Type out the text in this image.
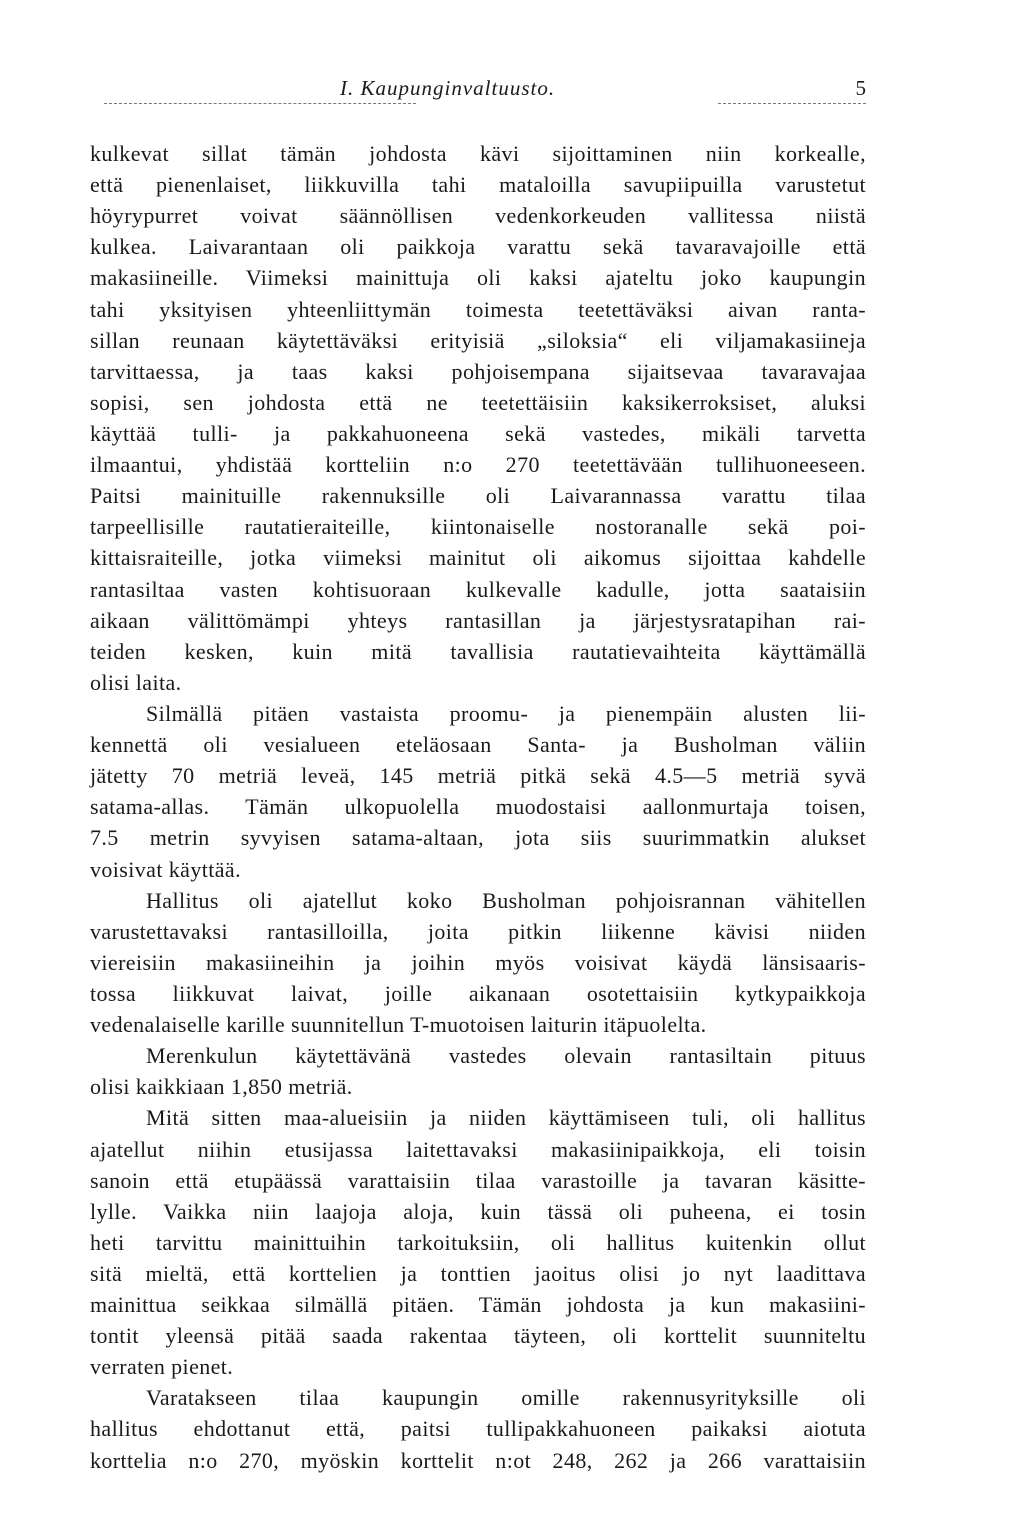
I. Kaupunginvaltuusto.	5
kulkevat sillat tämän johdosta kävi sijoittaminen niin korkealle,
että pienenlaiset, liikkuvilla tahi mataloilla savupiipuilla varustetut
höyrypurret voivat säännöllisen vedenkorkeuden vallitessa niistä
kulkea. Laivarantaan oli paikkoja varattu sekä tavaravajoille että
makasiineille. Viimeksi mainittuja oli kaksi ajateltu joko kaupungin
tahi yksityisen yhteenliittymän toimesta teetettäväksi aivan ranta-
sillan reunaan käytettäväksi erityisiä „siloksia“ eli viljamakasiineja
tarvittaessa, ja taas kaksi pohjoisempana sijaitsevaa tavaravajaa
sopisi, sen johdosta että ne teetettäisiin kaksikerroksiset, aluksi
käyttää tulli- ja pakkahuoneena sekä vastedes, mikäli tarvetta
ilmaantui, yhdistää kortteliin n:o 270 teetettävään tullihuoneeseen.
Paitsi mainituille rakennuksille oli Laivarannassa varattu tilaa
tarpeellisille rautatieraiteille, kiintonaiselle nostoranalle sekä poi-
kittaisraiteille, jotka viimeksi mainitut oli aikomus sijoittaa kahdelle
rantasiltaa vasten kohtisuoraan kulkevalle kadulle, jotta saataisiin
aikaan välittömämpi yhteys rantasillan ja järjestysratapihan rai-
teiden kesken, kuin mitä tavallisia rautatievaihteita käyttämällä
olisi laita.
Silmällä pitäen vastaista proomu- ja pienempäin alusten lii-
kennettä oli vesialueen eteläosaan Santa- ja Busholman väliin
jätetty 70 metriä leveä, 145 metriä pitkä sekä 4.5—5 metriä syvä
satama-allas. Tämän ulkopuolella muodostaisi aallonmurtaja toisen,
7.5 metrin syvyisen satama-altaan, jota siis suurimmatkin alukset
voisivat käyttää.
Hallitus oli ajatellut koko Busholman pohjoisrannan vähitellen
varustettavaksi rantasilloilla, joita pitkin liikenne kävisi niiden
viereisiin makasiineihin ja joihin myös voisivat käydä länsisaaris-
tossa liikkuvat laivat, joille aikanaan osotettaisiin kytkypaikkoja
vedenalaiselle karille suunnitellun T-muotoisen laiturin itäpuolelta.
Merenkulun käytettävänä vastedes olevain rantasiltain pituus
olisi kaikkiaan 1,850 metriä.
Mitä sitten maa-alueisiin ja niiden käyttämiseen tuli, oli hallitus
ajatellut niihin etusijassa laitettavaksi makasiinipaikkoja, eli toisin
sanoin että etupäässä varattaisiin tilaa varastoille ja tavaran käsitte-
lylle. Vaikka niin laajoja aloja, kuin tässä oli puheena, ei tosin
heti tarvittu mainittuihin tarkoituksiin, oli hallitus kuitenkin ollut
sitä mieltä, että korttelien ja tonttien jaoitus olisi jo nyt laadittava
mainittua seikkaa silmällä pitäen. Tämän johdosta ja kun makasiini-
tontit yleensä pitää saada rakentaa täyteen, oli korttelit suunniteltu
verraten pienet.
Varatakseen tilaa kaupungin omille rakennusyrityksille oli
hallitus ehdottanut että, paitsi tullipakkahuoneen paikaksi aiotuta
korttelia n:o 270, myöskin korttelit n:ot 248, 262 ja 266 varattaisiin
